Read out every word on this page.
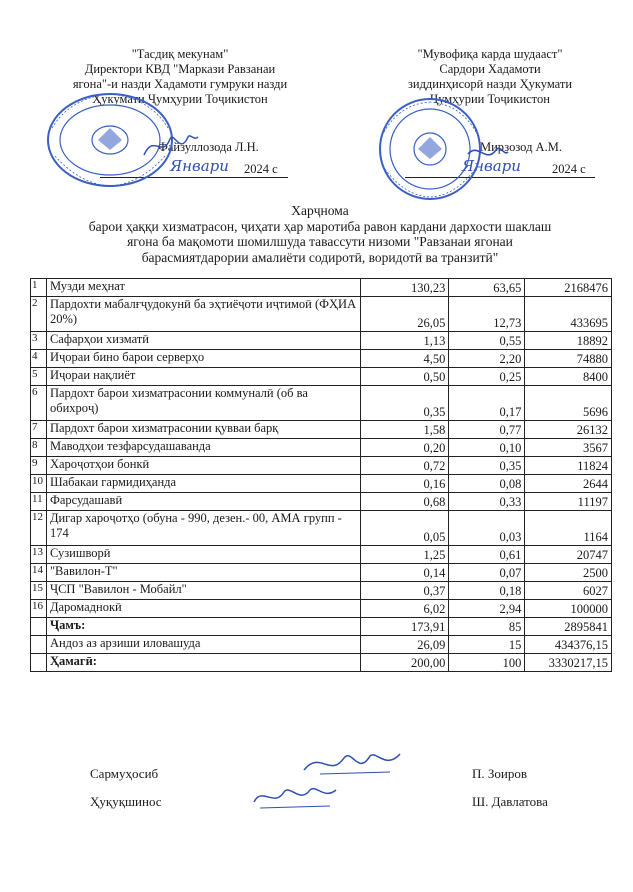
"Тасдиқ мекунам"
Директори КВД "Маркази Равзанаи
ягона"-и назди Хадамоти гумруки назди
Ҳукумати Ҷумҳурии Тоҷикистон
Файзуллозода Л.Н.
Январи 2024 с
"Мувофиқа карда шудааст"
Сардори Хадамоти
зиддинҳисорӣ назди Ҳукумати
Ҷумҳурии Тоҷикистон
Мирзозод А.М.
Январи 2024 с
Харҷнома
барои ҳаққи хизматрасон, ҷиҳати ҳар маротиба равон кардани дархости шаклаш
ягона ба мақомоти шомилшуда тавассути низоми "Равзанаи ягонаи
барасмиятдарории амалиёти содиротӣ, воридотӣ ва транзитӣ"
1	Музди меҳнат	130,23	63,65	2168476
2	Пардохти мабалғҷудокунӣ ба эҳтиёҷоти иҷтимоӣ (ФҲИА 20%)	26,05	12,73	433695
3	Сафарҳои хизматӣ	1,13	0,55	18892
4	Иҷораи бино барои серверҳо	4,50	2,20	74880
5	Иҷораи нақлиёт	0,50	0,25	8400
6	Пардохт барои хизматрасонии коммуналӣ (об ва обихроҷ)	0,35	0,17	5696
7	Пардохт барои хизматрасонии қувваи барқ	1,58	0,77	26132
8	Маводҳои тезфарсудашаванда	0,20	0,10	3567
9	Хароҷотҳои бонкӣ	0,72	0,35	11824
10	Шабакаи гармидиҳанда	0,16	0,08	2644
11	Фарсудашавӣ	0,68	0,33	11197
12	Дигар хароҷотҳо (обуна - 990, дезен.- 00, АМА групп - 174	0,05	0,03	1164
13	Сузишворӣ	1,25	0,61	20747
14	"Вавилон-Т"	0,14	0,07	2500
15	ҶСП "Вавилон - Мобайл"	0,37	0,18	6027
16	Даромаднокӣ	6,02	2,94	100000
	Ҷамъ:	173,91	85	2895841
	Андоз аз арзиши иловашуда	26,09	15	434376,15
	Ҳамагӣ:	200,00	100	3330217,15
Сармуҳосиб	П. Зоиров
Ҳуқуқшинос	Ш. Давлатова
